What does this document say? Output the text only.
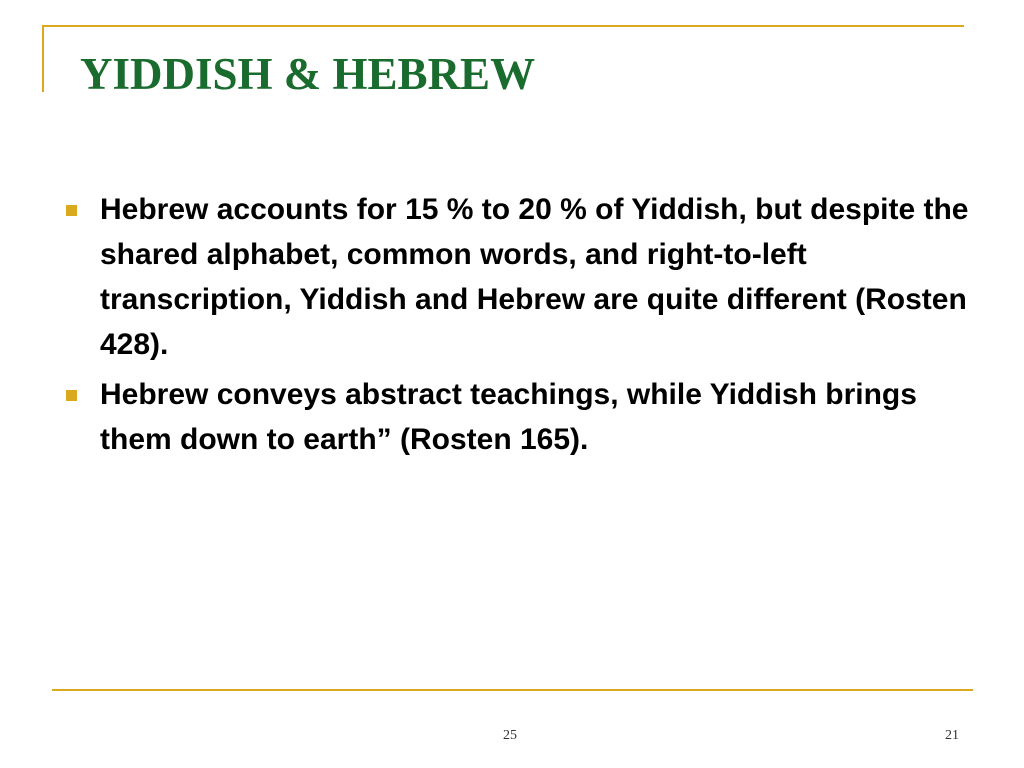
YIDDISH & HEBREW
Hebrew accounts for 15 % to 20 % of Yiddish, but despite the shared alphabet, common words, and right-to-left transcription, Yiddish and Hebrew are quite different (Rosten 428).
Hebrew conveys abstract teachings, while Yiddish brings them down to earth” (Rosten 165).
25	21
